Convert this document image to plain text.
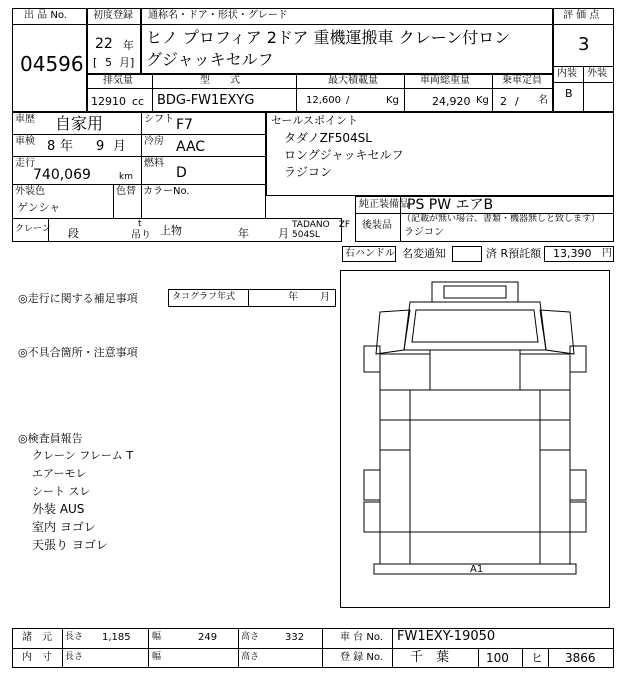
出 品 No.
04596
初度登録
22 年
[ 5 月]
通称名・ドア・形状・グレード
ヒノ プロフィア 2ドア 重機運搬車 クレーン付ロン
グジャッキセルフ
評 価 点
3
内装 外装
B
排気量
12910 cc
型　　式
BDG-FW1EXYG
最大積載量
12,600 /	Kg
車両総重量
24,920 Kg
乗車定員
2 / 名
車歴 自家用	シフト F7
車検 8 年 9 月 冷房 AAC
走行
740,069	km
燃料
D
外装色
ゲンシャ
色替 カラーNo.
クレーン 段
t
吊り 上物	年	月
TADANO　ZF
504SL
セールスポイント
タダノZF504SL
ロングジャッキセルフ
ラジコン
純正装備品
PS PW エアB
後装品
（記載が無い場合、書類・機器無しと致します）
ラジコン
右ハンドル 名変通知	済 R預託額 13,390 円
◎走行に関する補足事項	タコグラフ年式	年 月
◎不具合箇所・注意事項
◎検査員報告
クレーン フレーム T
エアーモレ
シート スレ
外装 AUS
室内 ヨゴレ
天張り ヨゴレ
A1
諸　元 長さ 1,185 幅	249	高さ	332	車 台 No. FW1EXY-19050
内　寸 長さ	幅	高さ	登 録 No. 千　葉	100 ヒ 3866
